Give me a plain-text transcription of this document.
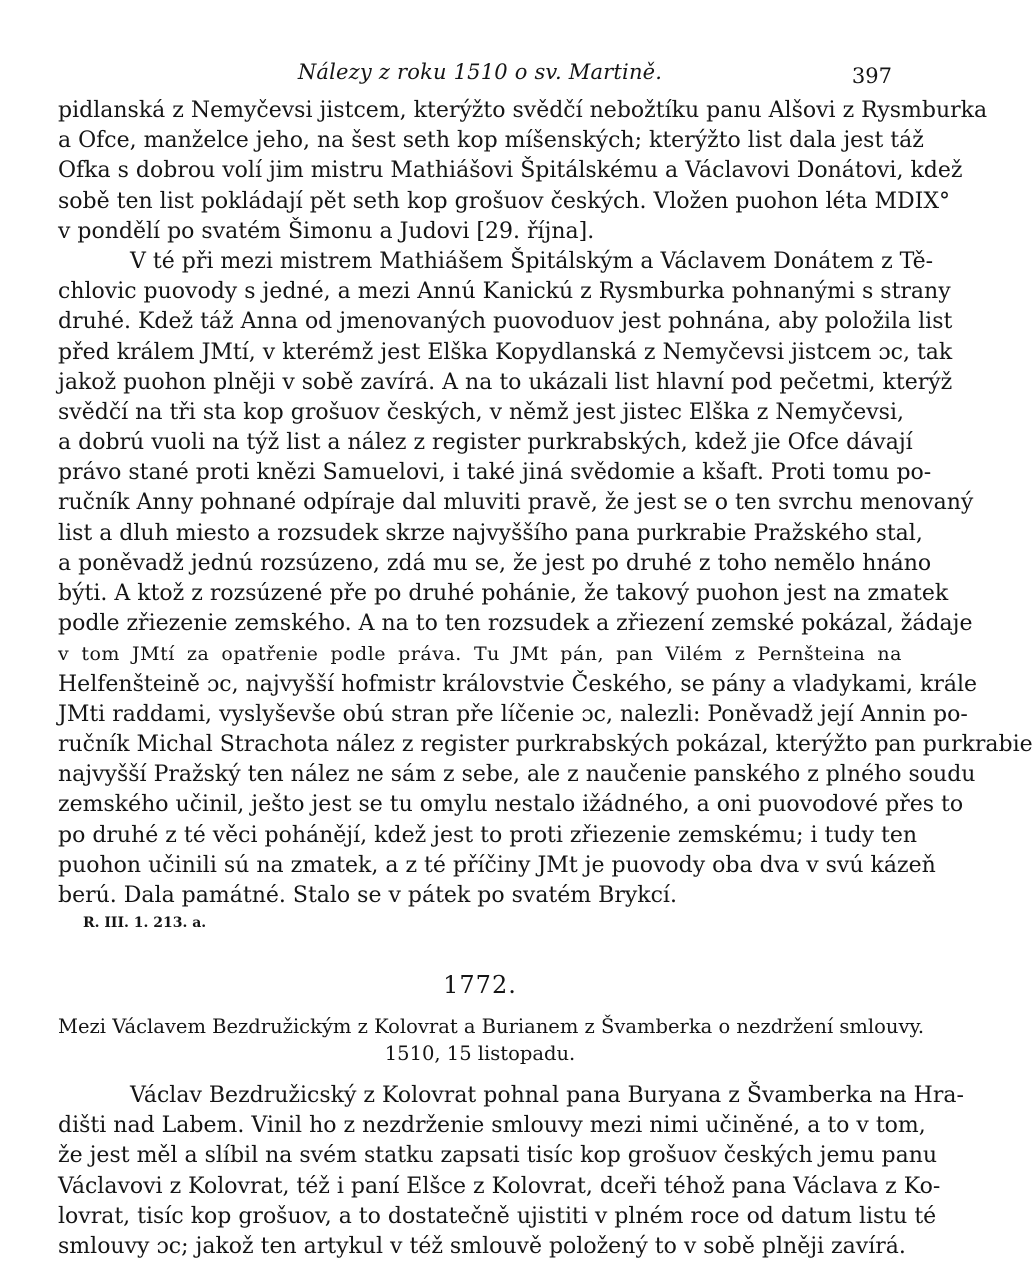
Nálezy z roku 1510 o sv. Martině.	397
pidlanská z Nemyčevsi jistcem, kterýžto svědčí nebožtíku panu Alšovi z Rysmburka
a Ofce, manželce jeho, na šest seth kop míšenských; kterýžto list dala jest táž
Ofka s dobrou volí jim mistru Mathiášovi Špitálskému a Václavovi Donátovi, kdež
sobě ten list pokládají pět seth kop grošuov českých. Vložen puohon léta MDIX°
v pondělí po svatém Šimonu a Judovi [29. října].
V té při mezi mistrem Mathiášem Špitálským a Václavem Donátem z Tě-
chlovic puovody s jedné, a mezi Annú Kanickú z Rysmburka pohnanými s strany
druhé. Kdež táž Anna od jmenovaných puovoduov jest pohnána, aby položila list
před králem JMtí, v kterémž jest Elška Kopydlanská z Nemyčevsi jistcem ɔc, tak
jakož puohon plněji v sobě zavírá. A na to ukázali list hlavní pod pečetmi, kterýž
svědčí na tři sta kop grošuov českých, v němž jest jistec Elška z Nemyčevsi,
a dobrú vuoli na týž list a nález z register purkrabských, kdež jie Ofce dávají
právo stané proti knězi Samuelovi, i také jiná svědomie a kšaft. Proti tomu po-
ručník Anny pohnané odpíraje dal mluviti pravě, že jest se o ten svrchu menovaný
list a dluh miesto a rozsudek skrze najvyššího pana purkrabie Pražského stal,
a poněvadž jednú rozsúzeno, zdá mu se, že jest po druhé z toho nemělo hnáno
býti. A ktož z rozsúzené pře po druhé pohánie, že takový puohon jest na zmatek
podle zřiezenie zemského. A na to ten rozsudek a zřiezení zemské pokázal, žádaje
v tom JMtí za opatřenie podle práva. Tu JMt pán, pan Vilém z Pernšteina na
Helfenšteině ɔc, najvyšší hofmistr královstvie Českého, se pány a vladykami, krále
JMti raddami, vyslyševše obú stran pře líčenie ɔc, nalezli: Poněvadž její Annin po-
ručník Michal Strachota nález z register purkrabských pokázal, kterýžto pan purkrabie
najvyšší Pražský ten nález ne sám z sebe, ale z naučenie panského z plného soudu
zemského učinil, ješto jest se tu omylu nestalo ižádného, a oni puovodové přes to
po druhé z té věci pohánějí, kdež jest to proti zřiezenie zemskému; i tudy ten
puohon učinili sú na zmatek, a z té příčiny JMt je puovody oba dva v svú kázeň
berú. Dala památné. Stalo se v pátek po svatém Brykcí.
R. III. 1. 213. a.
1772.
Mezi Václavem Bezdružickým z Kolovrat a Burianem z Švamberka o nezdržení smlouvy.
1510, 15 listopadu.
Václav Bezdružicský z Kolovrat pohnal pana Buryana z Švamberka na Hra-
dišti nad Labem. Vinil ho z nezdrženie smlouvy mezi nimi učiněné, a to v tom,
že jest měl a slíbil na svém statku zapsati tisíc kop grošuov českých jemu panu
Václavovi z Kolovrat, též i paní Elšce z Kolovrat, dceři téhož pana Václava z Ko-
lovrat, tisíc kop grošuov, a to dostatečně ujistiti v plném roce od datum listu té
smlouvy ɔc; jakož ten artykul v též smlouvě položený to v sobě plněji zavírá.
